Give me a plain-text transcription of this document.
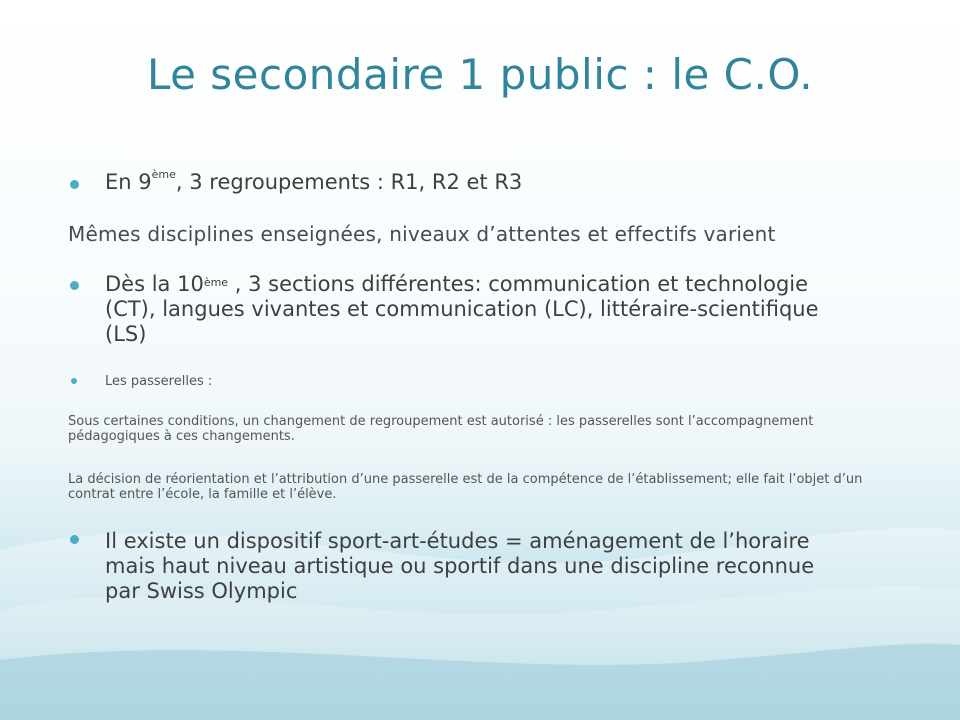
Le secondaire 1 public : le C.O.
En 9ème, 3 regroupements : R1, R2 et R3
Mêmes disciplines enseignées, niveaux d’attentes et effectifs varient
Dès la 10ème , 3 sections différentes: communication et technologie (CT), langues vivantes et communication (LC), littéraire-scientifique (LS)
Les passerelles :
Sous certaines conditions, un changement de regroupement est autorisé : les passerelles sont l’accompagnement pédagogiques à ces changements.
La décision de réorientation et l’attribution d’une passerelle est de la compétence de l’établissement; elle fait l’objet d’un contrat entre l’école, la famille et l’élève.
Il existe un dispositif sport-art-études = aménagement de l’horaire mais haut niveau artistique ou sportif dans une discipline reconnue par Swiss Olympic
